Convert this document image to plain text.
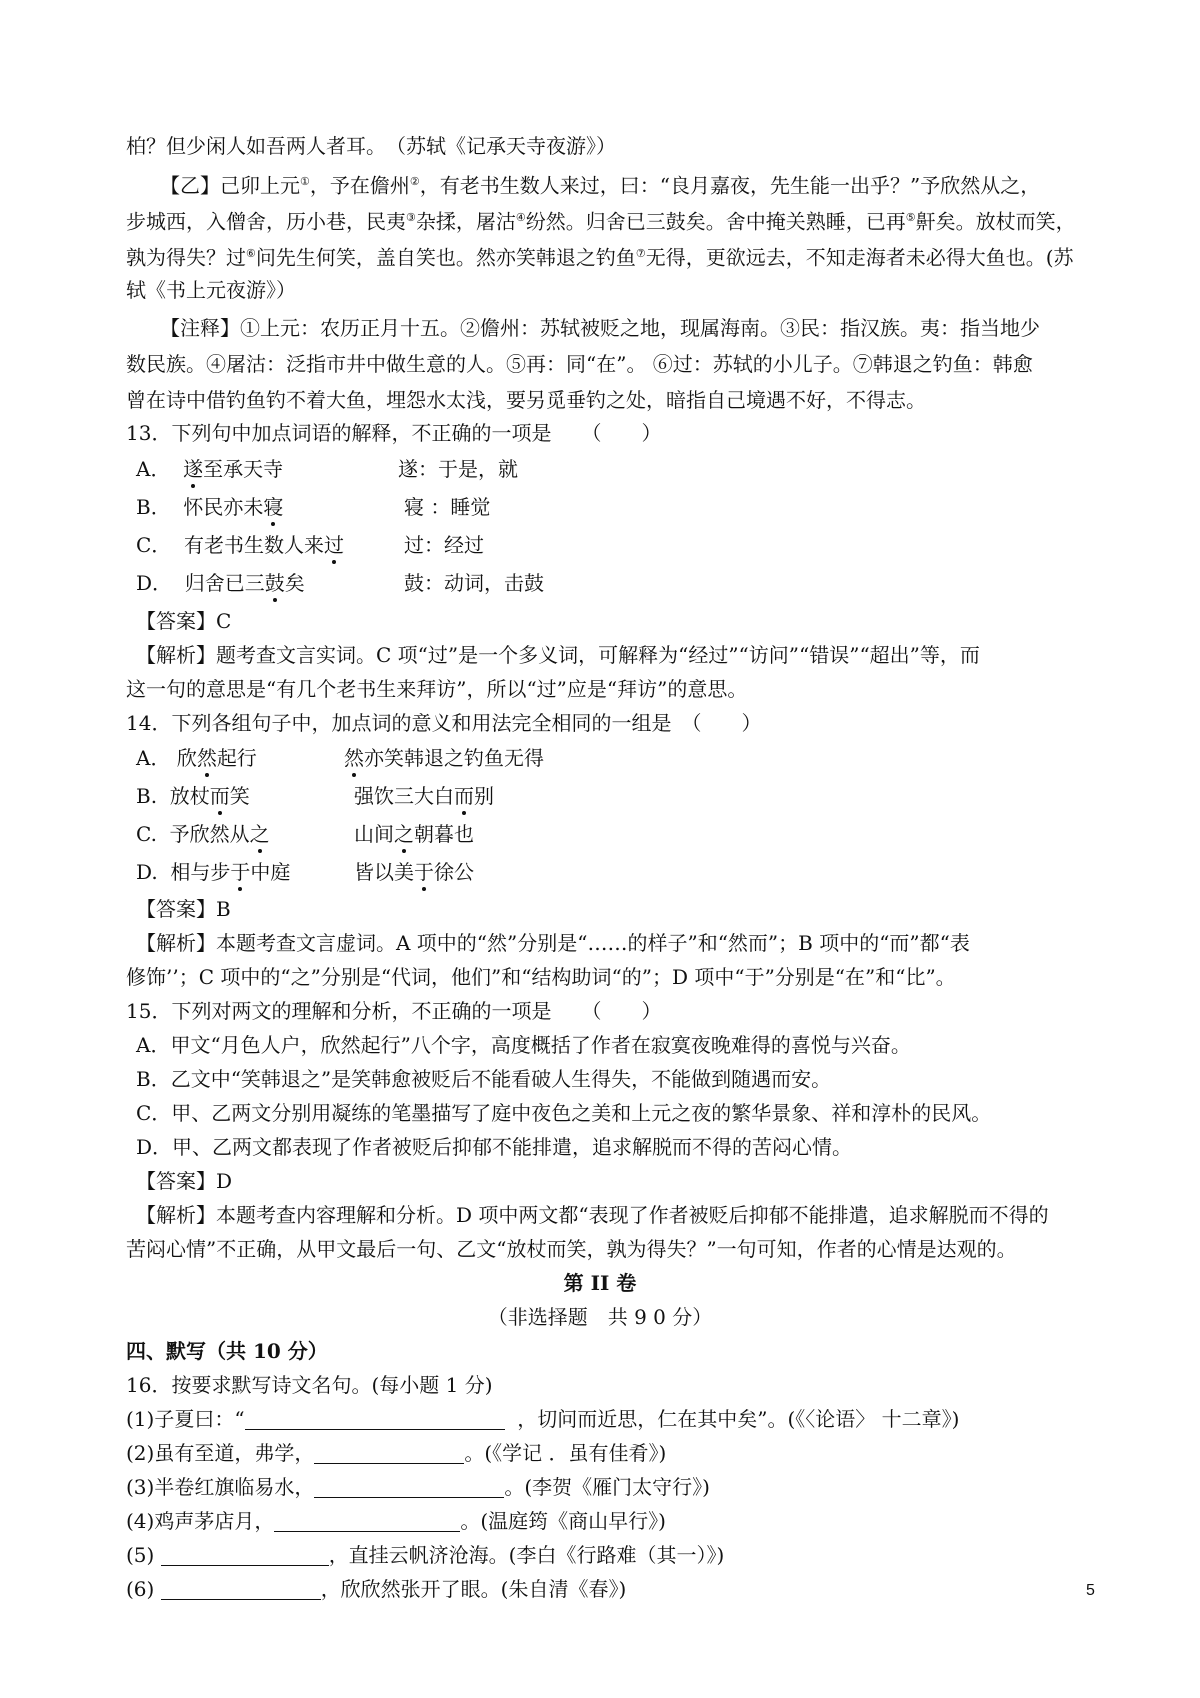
柏？但少闲人如吾两人者耳。　（苏轼《记承天寺夜游》）
【乙】己卯上元①，予在儋州②，有老书生数人来过，曰：“良月嘉夜，先生能一出乎？”予欣然从之，
步城西，入僧舍，历小巷，民夷③杂揉，屠沽④纷然。归舍已三鼓矣。舍中掩关熟睡，已再⑤鼾矣。放杖而笑，
孰为得失？过⑥问先生何笑，盖自笑也。然亦笑韩退之钓鱼⑦无得，更欲远去，不知走海者未必得大鱼也。(苏
轼《书上元夜游》）
【注释】①上元：农历正月十五。②儋州：苏轼被贬之地，现属海南。③民：指汉族。夷：指当地少
数民族。④屠沽：泛指市井中做生意的人。⑤再：同“在”。 ⑥过：苏轼的小儿子。⑦韩退之钓鱼：韩愈
曾在诗中借钓鱼钓不着大鱼，埋怨水太浅，要另觅垂钓之处，暗指自己境遇不好，不得志。
13．下列句中加点词语的解释，不正确的一项是　　（　　）
A． 遂至承天寺	遂：于是，就
B． 怀民亦未寝	寝 ：睡觉
C． 有老书生数人来过	过：经过
D． 归舍已三鼓矣	鼓：动词，击鼓
【答案】C
【解析】题考查文言实词。C 项“过”是一个多义词，可解释为“经过”“访问”“错误”“超出”等，而
这一句的意思是“有几个老书生来拜访”，所以“过”应是“拜访”的意思。
14．下列各组句子中，加点词的意义和用法完全相同的一组是　（　　）
A． 欣然起行	然亦笑韩退之钓鱼无得
B. 放杖而笑	强饮三大白而别
C. 予欣然从之	山间之朝暮也
D. 相与步于中庭	皆以美于徐公
【答案】B
【解析】本题考查文言虚词。A 项中的“然”分别是“……的样子”和“然而”；B 项中的“而”都“表
修饰’’；C 项中的“之”分别是“代词，他们”和“结构助词“的”；D 项中“于”分别是“在”和“比”。
15．下列对两文的理解和分析，不正确的一项是　　（　　）
A．甲文“月色人户，欣然起行”八个字，高度概括了作者在寂寞夜晚难得的喜悦与兴奋。
B．乙文中“笑韩退之”是笑韩愈被贬后不能看破人生得失，不能做到随遇而安。
C．甲、乙两文分别用凝练的笔墨描写了庭中夜色之美和上元之夜的繁华景象、祥和淳朴的民风。
D．甲、乙两文都表现了作者被贬后抑郁不能排遣，追求解脱而不得的苦闷心情。
【答案】D
【解析】本题考查内容理解和分析。D 项中两文都“表现了作者被贬后抑郁不能排遣，追求解脱而不得的
苦闷心情”不正确，从甲文最后一句、乙文“放杖而笑，孰为得失？”一句可知，作者的心情是达观的。
第 II 卷
（非选择题　共 9 0 分）
四、默写（共 10 分）
16．按要求默写诗文名句。(每小题 1 分)
(1)子夏曰：“	，切问而近思，仁在其中矣”。(《〈论语〉 十二章》)
(2)虽有至道，弗学，	。(《学记 ．虽有佳肴》)
(3)半卷红旗临易水，	。(李贺《雁门太守行》)
(4)鸡声茅店月，	。(温庭筠《商山早行》)
(5)	，直挂云帆济沧海。(李白《行路难（其一）》)
(6)	，欣欣然张开了眼。(朱自清《春》)	5
